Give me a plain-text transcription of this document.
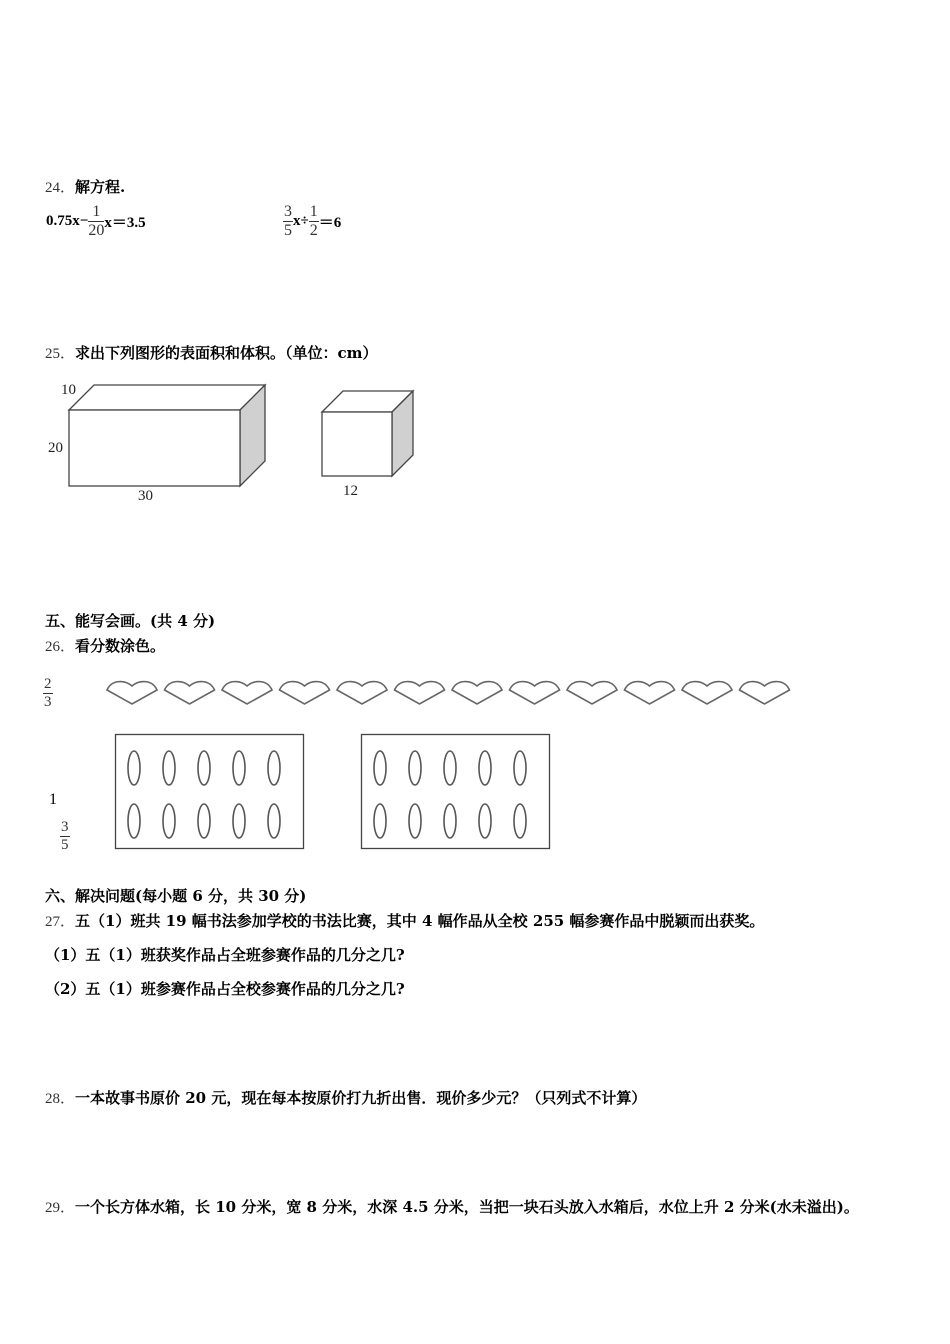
24．解方程.
$0.75x- \frac{1}{20} x=3.5$	$\frac{3}{5} x\div \frac{1}{2} =6$
25．求出下列图形的表面积和体积。（单位：cm）
10
20
30	12
五、能写会画。(共 4 分)
26．看分数涂色。
$\frac{2}{3}$
1
$\frac{3}{5}$
六、解决问题(每小题 6 分，共 30 分)
27．五（1）班共 19 幅书法参加学校的书法比赛，其中 4 幅作品从全校 255 幅参赛作品中脱颖而出获奖。
（1）五（1）班获奖作品占全班参赛作品的几分之几?
（2）五（1）班参赛作品占全校参赛作品的几分之几?
28．一本故事书原价 20 元，现在每本按原价打九折出售．现价多少元？（只列式不计算）
29．一个长方体水箱，长 10 分米，宽 8 分米，水深 4.5 分米，当把一块石头放入水箱后，水位上升 2 分米(水未溢出)。
